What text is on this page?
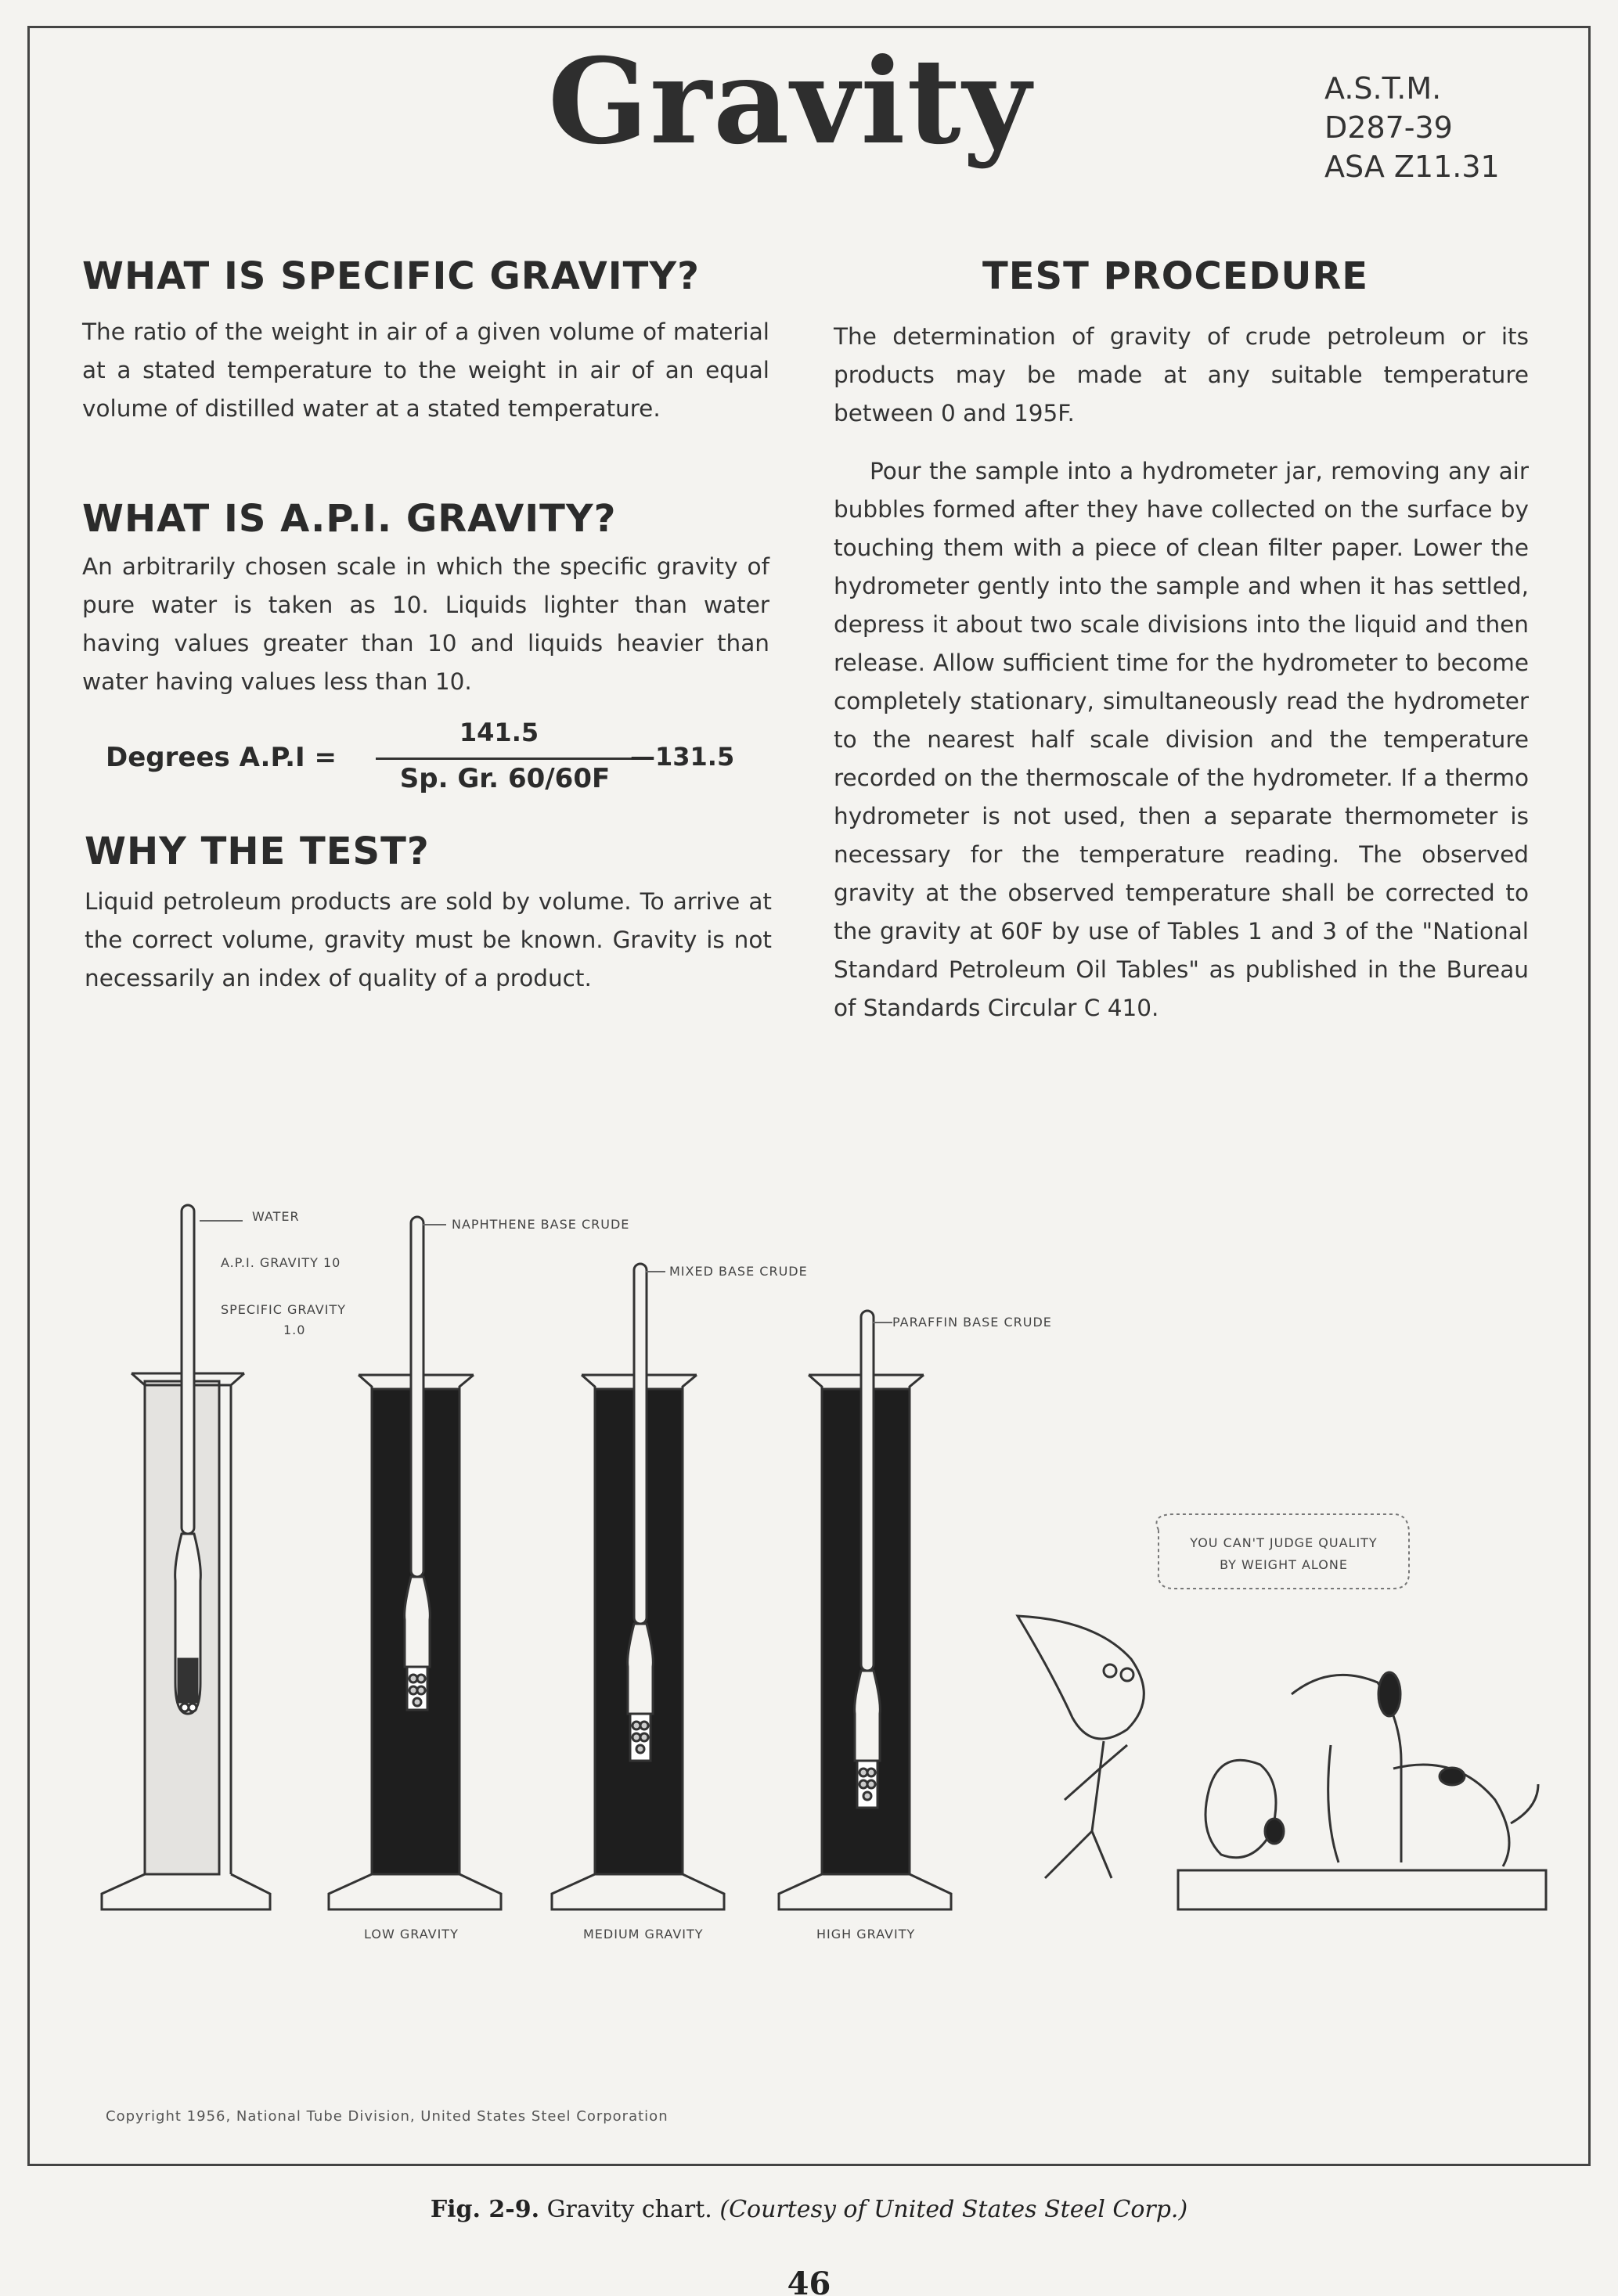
Gravity	A.S.T.M.
D287-39
ASA Z11.31
WHAT IS SPECIFIC GRAVITY?
The ratio of the weight in air of a given volume of material at a stated temperature to the weight in air of an equal volume of distilled water at a stated temperature.
WHAT IS A.P.I. GRAVITY?
An arbitrarily chosen scale in which the specific gravity of pure water is taken as 10. Liquids lighter than water having values greater than 10 and liquids heavier than water having values less than 10.
Degrees A.P.I =
141.5
Sp. Gr. 60/60F
—131.5
WHY THE TEST?
Liquid petroleum products are sold by volume. To arrive at the correct volume, gravity must be known. Gravity is not necessarily an index of quality of a product.
TEST PROCEDURE
The determination of gravity of crude petroleum or its products may be made at any suitable temperature between 0 and 195F.
Pour the sample into a hydrometer jar, removing any air bubbles formed after they have collected on the surface by touching them with a piece of clean filter paper. Lower the hydrometer gently into the sample and when it has settled, depress it about two scale divisions into the liquid and then release. Allow sufficient time for the hydrometer to become completely stationary, simultaneously read the hydrometer to the nearest half scale division and the temperature recorded on the thermoscale of the hydrometer. If a thermo hydrometer is not used, then a separate thermometer is necessary for the temperature reading. The observed gravity at the observed temperature shall be corrected to the gravity at 60F by use of Tables 1 and 3 of the "National Standard Petroleum Oil Tables" as published in the Bureau of Standards Circular C 410.
WATER
A.P.I. GRAVITY 10
SPECIFIC GRAVITY
1.0
NAPHTHENE BASE CRUDE
MIXED BASE CRUDE
PARAFFIN BASE CRUDE
LOW GRAVITY	MEDIUM GRAVITY	HIGH GRAVITY
YOU CAN'T JUDGE QUALITY
BY WEIGHT ALONE
Copyright 1956, National Tube Division, United States Steel Corporation
Fig. 2-9. Gravity chart. (Courtesy of United States Steel Corp.)
46
